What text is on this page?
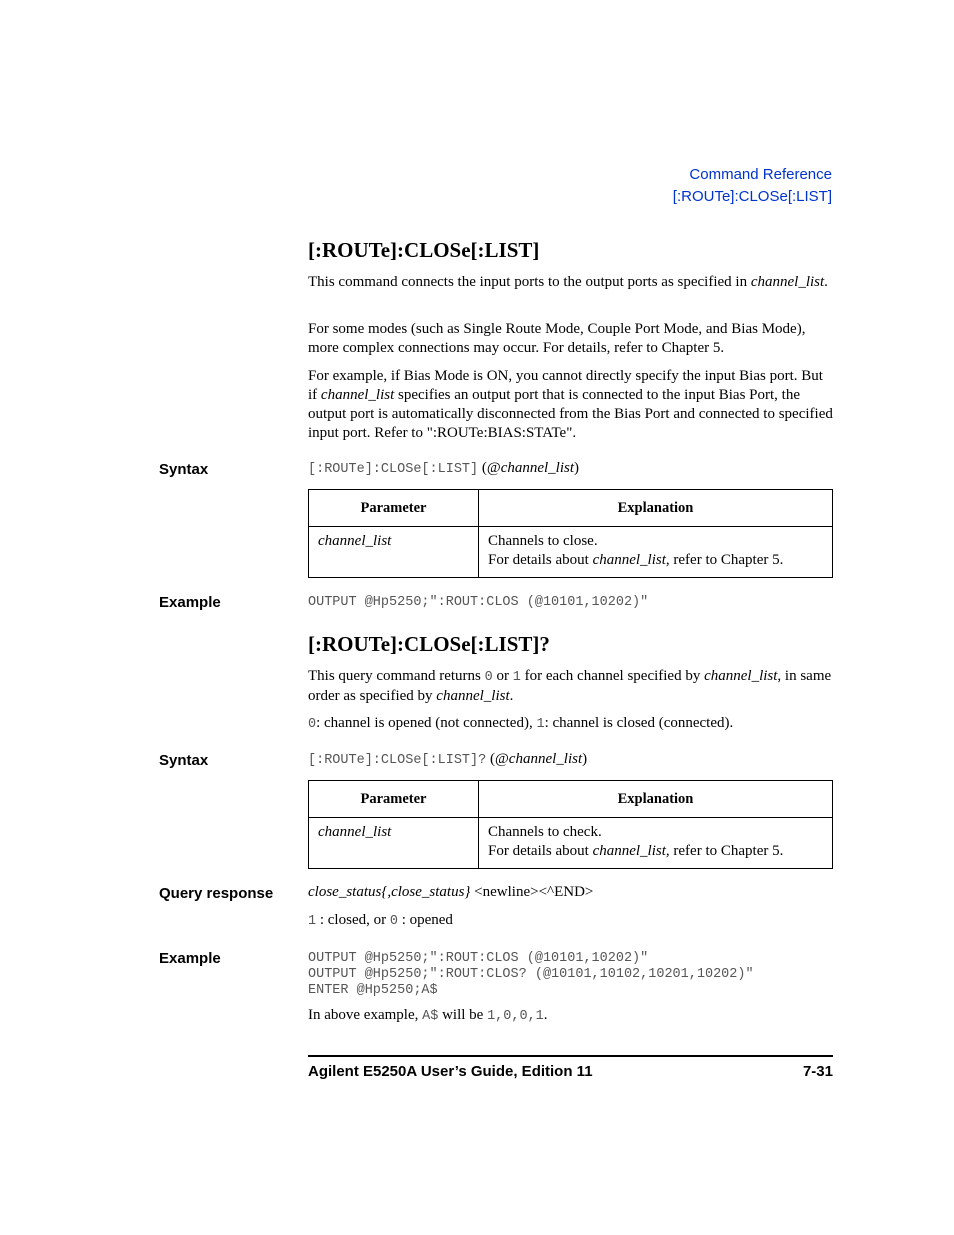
Command Reference
[:ROUTe]:CLOSe[:LIST]
[:ROUTe]:CLOSe[:LIST]
This command connects the input ports to the output ports as specified in channel_list.
For some modes (such as Single Route Mode, Couple Port Mode, and Bias Mode), more complex connections may occur. For details, refer to Chapter 5.
For example, if Bias Mode is ON, you cannot directly specify the input Bias port. But if channel_list specifies an output port that is connected to the input Bias Port, the output port is automatically disconnected from the Bias Port and connected to specified input port. Refer to ":ROUTe:BIAS:STATe".
Syntax	[:ROUTe]:CLOSe[:LIST] (@channel_list)
Parameter	Explanation
channel_list	Channels to close.
For details about channel_list, refer to Chapter 5.
Example	OUTPUT @Hp5250;":ROUT:CLOS (@10101,10202)"
[:ROUTe]:CLOSe[:LIST]?
This query command returns 0 or 1 for each channel specified by channel_list, in same order as specified by channel_list.
0: channel is opened (not connected), 1: channel is closed (connected).
Syntax	[:ROUTe]:CLOSe[:LIST]? (@channel_list)
Parameter	Explanation
channel_list	Channels to check.
For details about channel_list, refer to Chapter 5.
Query response close_status{,close_status} <newline><^END>
1 : closed, or 0 : opened
Example	OUTPUT @Hp5250;":ROUT:CLOS (@10101,10202)"
OUTPUT @Hp5250;":ROUT:CLOS? (@10101,10102,10201,10202)"
ENTER @Hp5250;A$
In above example, A$ will be 1,0,0,1.
Agilent E5250A User’s Guide, Edition 11	7-31
